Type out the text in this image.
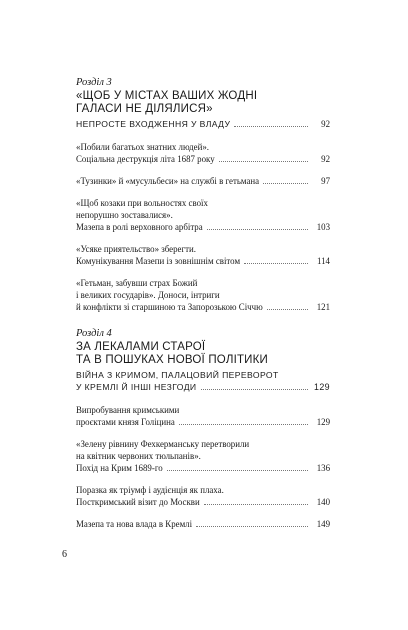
Розділ 3
«ЩОБ У МІСТАХ ВАШИХ ЖОДНІ
ГАЛАСИ НЕ ДІЛЯЛИСЯ»
НЕПРОСТЕ ВХОДЖЕННЯ У ВЛАДУ	92
«Побили багатьох знатних людей».
Соціальна деструкція літа 1687 року	92
«Тузинки» й «мусульбеси» на службі в гетьмана	97
«Щоб козаки при вольностях своїх
непорушно зоставалися».
Мазепа в ролі верховного арбітра	103
«Усяке приятельство» зберегти.
Комунікування Мазепи із зовнішнім світом	114
«Гетьман, забувши страх Божий
і великих государів». Доноси, інтриги
й конфлікти зі старшиною та Запорозькою Січчю	121
Розділ 4
ЗА ЛЕКАЛАМИ СТАРОЇ
ТА В ПОШУКАХ НОВОЇ ПОЛІТИКИ
ВІЙНА З КРИМОМ, ПАЛАЦОВИЙ ПЕРЕВОРОТ
У КРЕМЛІ Й ІНШІ НЕЗГОДИ	129
Випробування кримськими
проєктами князя Голіцина	129
«Зелену рівнину Фехкерманську перетворили
на квітник червоних тюльпанів».
Похід на Крим 1689-го	136
Поразка як тріумф і аудієнція як плаха.
Посткримський візит до Москви	140
Мазепа та нова влада в Кремлі	149
6
